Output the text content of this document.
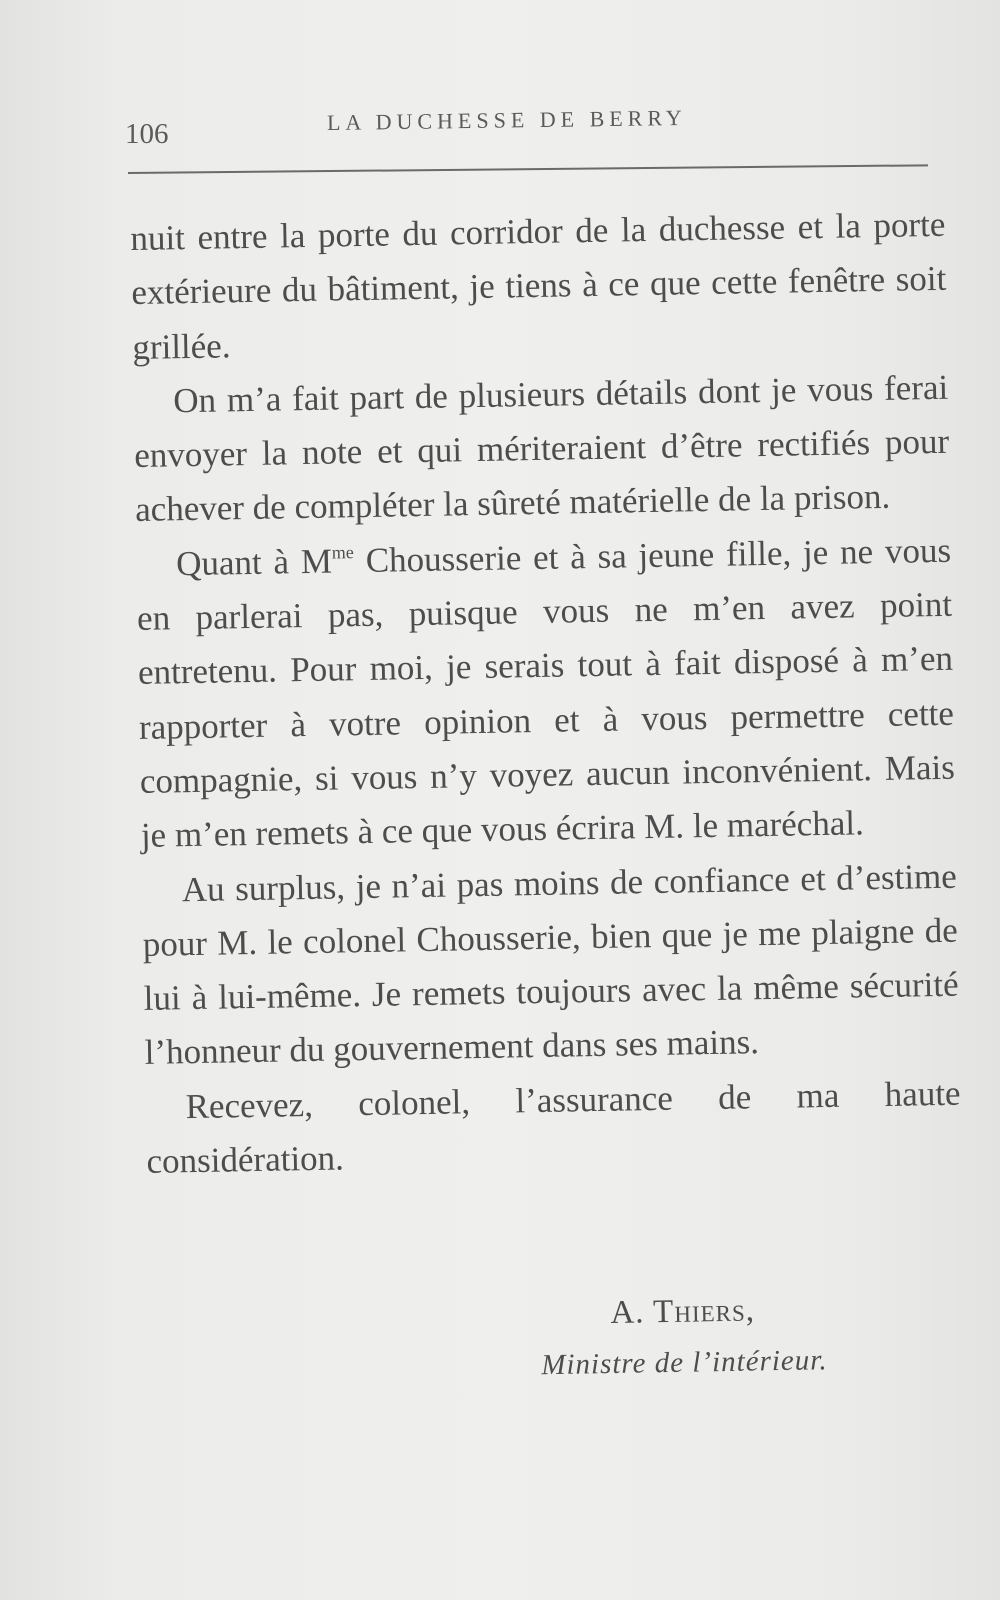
106	LA DUCHESSE DE BERRY

nuit entre la porte du corridor de la duchesse et la porte extérieure du bâtiment, je tiens à ce que cette fenêtre soit grillée.

On m’a fait part de plusieurs détails dont je vous ferai envoyer la note et qui mériteraient d’être rectifiés pour achever de compléter la sûreté matérielle de la prison.

Quant à $M^{me}$ Chousserie et à sa jeune fille, je ne vous en parlerai pas, puisque vous ne m’en avez point entretenu. Pour moi, je serais tout à fait disposé à m’en rapporter à votre opinion et à vous permettre cette compagnie, si vous n’y voyez aucun inconvénient. Mais je m’en remets à ce que vous écrira M. le maréchal.

Au surplus, je n’ai pas moins de confiance et d’estime pour M. le colonel Chousserie, bien que je me plaigne de lui à lui-même. Je remets toujours avec la même sécurité l’honneur du gouvernement dans ses mains.

Recevez, colonel, l’assurance de ma haute considération.

A. Thiers,

Ministre de l’intérieur.
